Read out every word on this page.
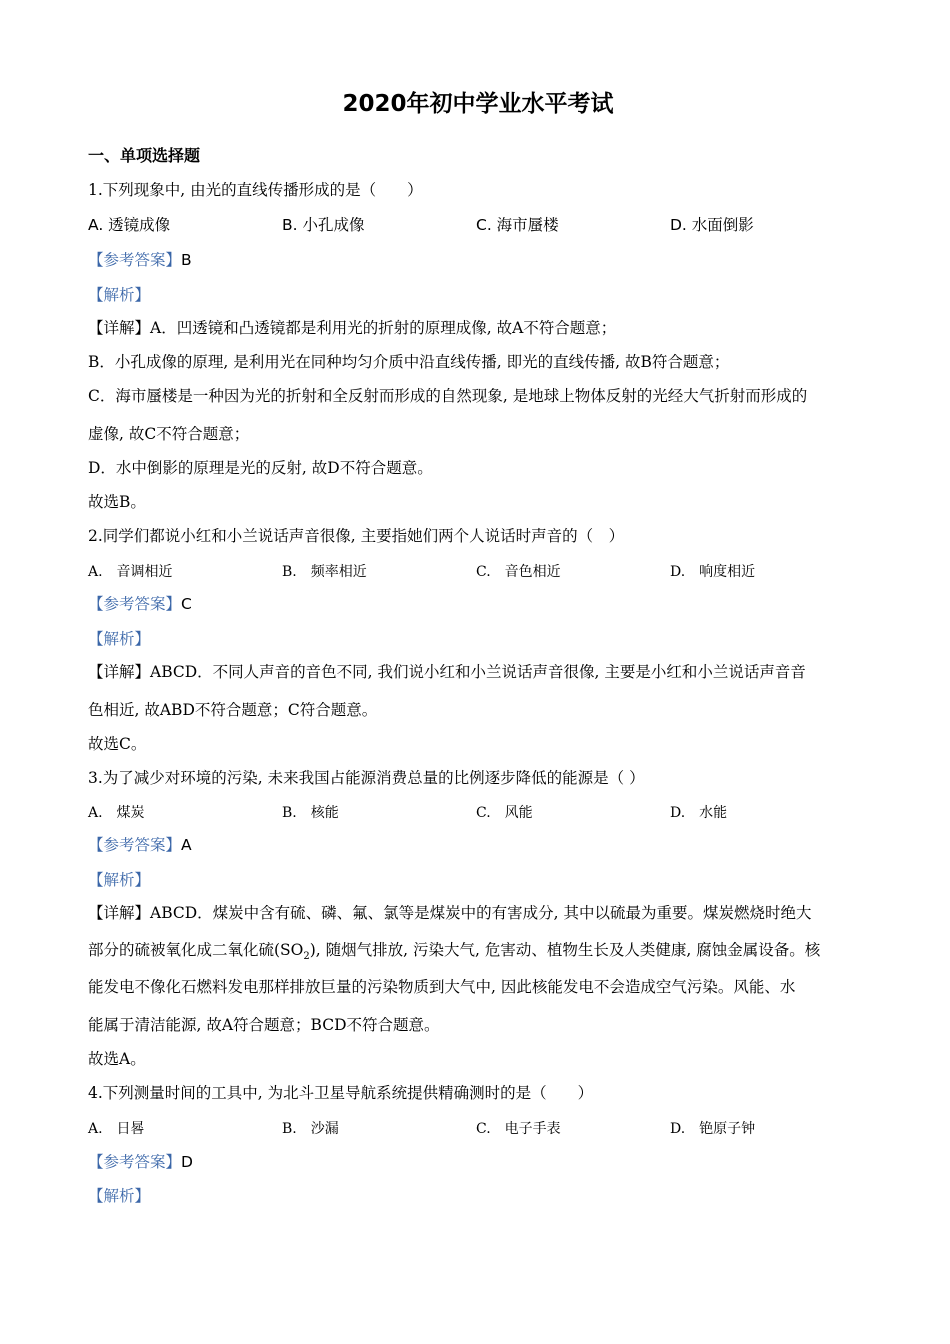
2020年初中学业水平考试
一、单项选择题
1.下列现象中, 由光的直线传播形成的是（　　）
A. 透镜成像	B. 小孔成像	C. 海市蜃楼	D. 水面倒影
【参考答案】B
【解析】
【详解】A．凹透镜和凸透镜都是利用光的折射的原理成像, 故A不符合题意；
B．小孔成像的原理, 是利用光在同种均匀介质中沿直线传播, 即光的直线传播, 故B符合题意；
C．海市蜃楼是一种因为光的折射和全反射而形成的自然现象, 是地球上物体反射的光经大气折射而形成的
虚像, 故C不符合题意；
D．水中倒影的原理是光的反射, 故D不符合题意。
故选B。
2.同学们都说小红和小兰说话声音很像, 主要指她们两个人说话时声音的（　）
A.　音调相近	B.　频率相近	C.　音色相近	D.　响度相近
【参考答案】C
【解析】
【详解】ABCD．不同人声音的音色不同, 我们说小红和小兰说话声音很像, 主要是小红和小兰说话声音音
色相近, 故ABD不符合题意；C符合题意。
故选C。
3.为了减少对环境的污染, 未来我国占能源消费总量的比例逐步降低的能源是（ ）
A.　煤炭	B.　核能	C.　风能	D.　水能
【参考答案】A
【解析】
【详解】ABCD．煤炭中含有硫、磷、氟、氯等是煤炭中的有害成分, 其中以硫最为重要。煤炭燃烧时绝大
部分的硫被氧化成二氧化硫$(SO_2)$, 随烟气排放, 污染大气, 危害动、植物生长及人类健康, 腐蚀金属设备。核
能发电不像化石燃料发电那样排放巨量的污染物质到大气中, 因此核能发电不会造成空气污染。风能、水
能属于清洁能源, 故A符合题意；BCD不符合题意。
故选A。
4.下列测量时间的工具中, 为北斗卫星导航系统提供精确测时的是（　　）
A.　日晷	B.　沙漏	C.　电子手表	D.　铯原子钟
【参考答案】D
【解析】
